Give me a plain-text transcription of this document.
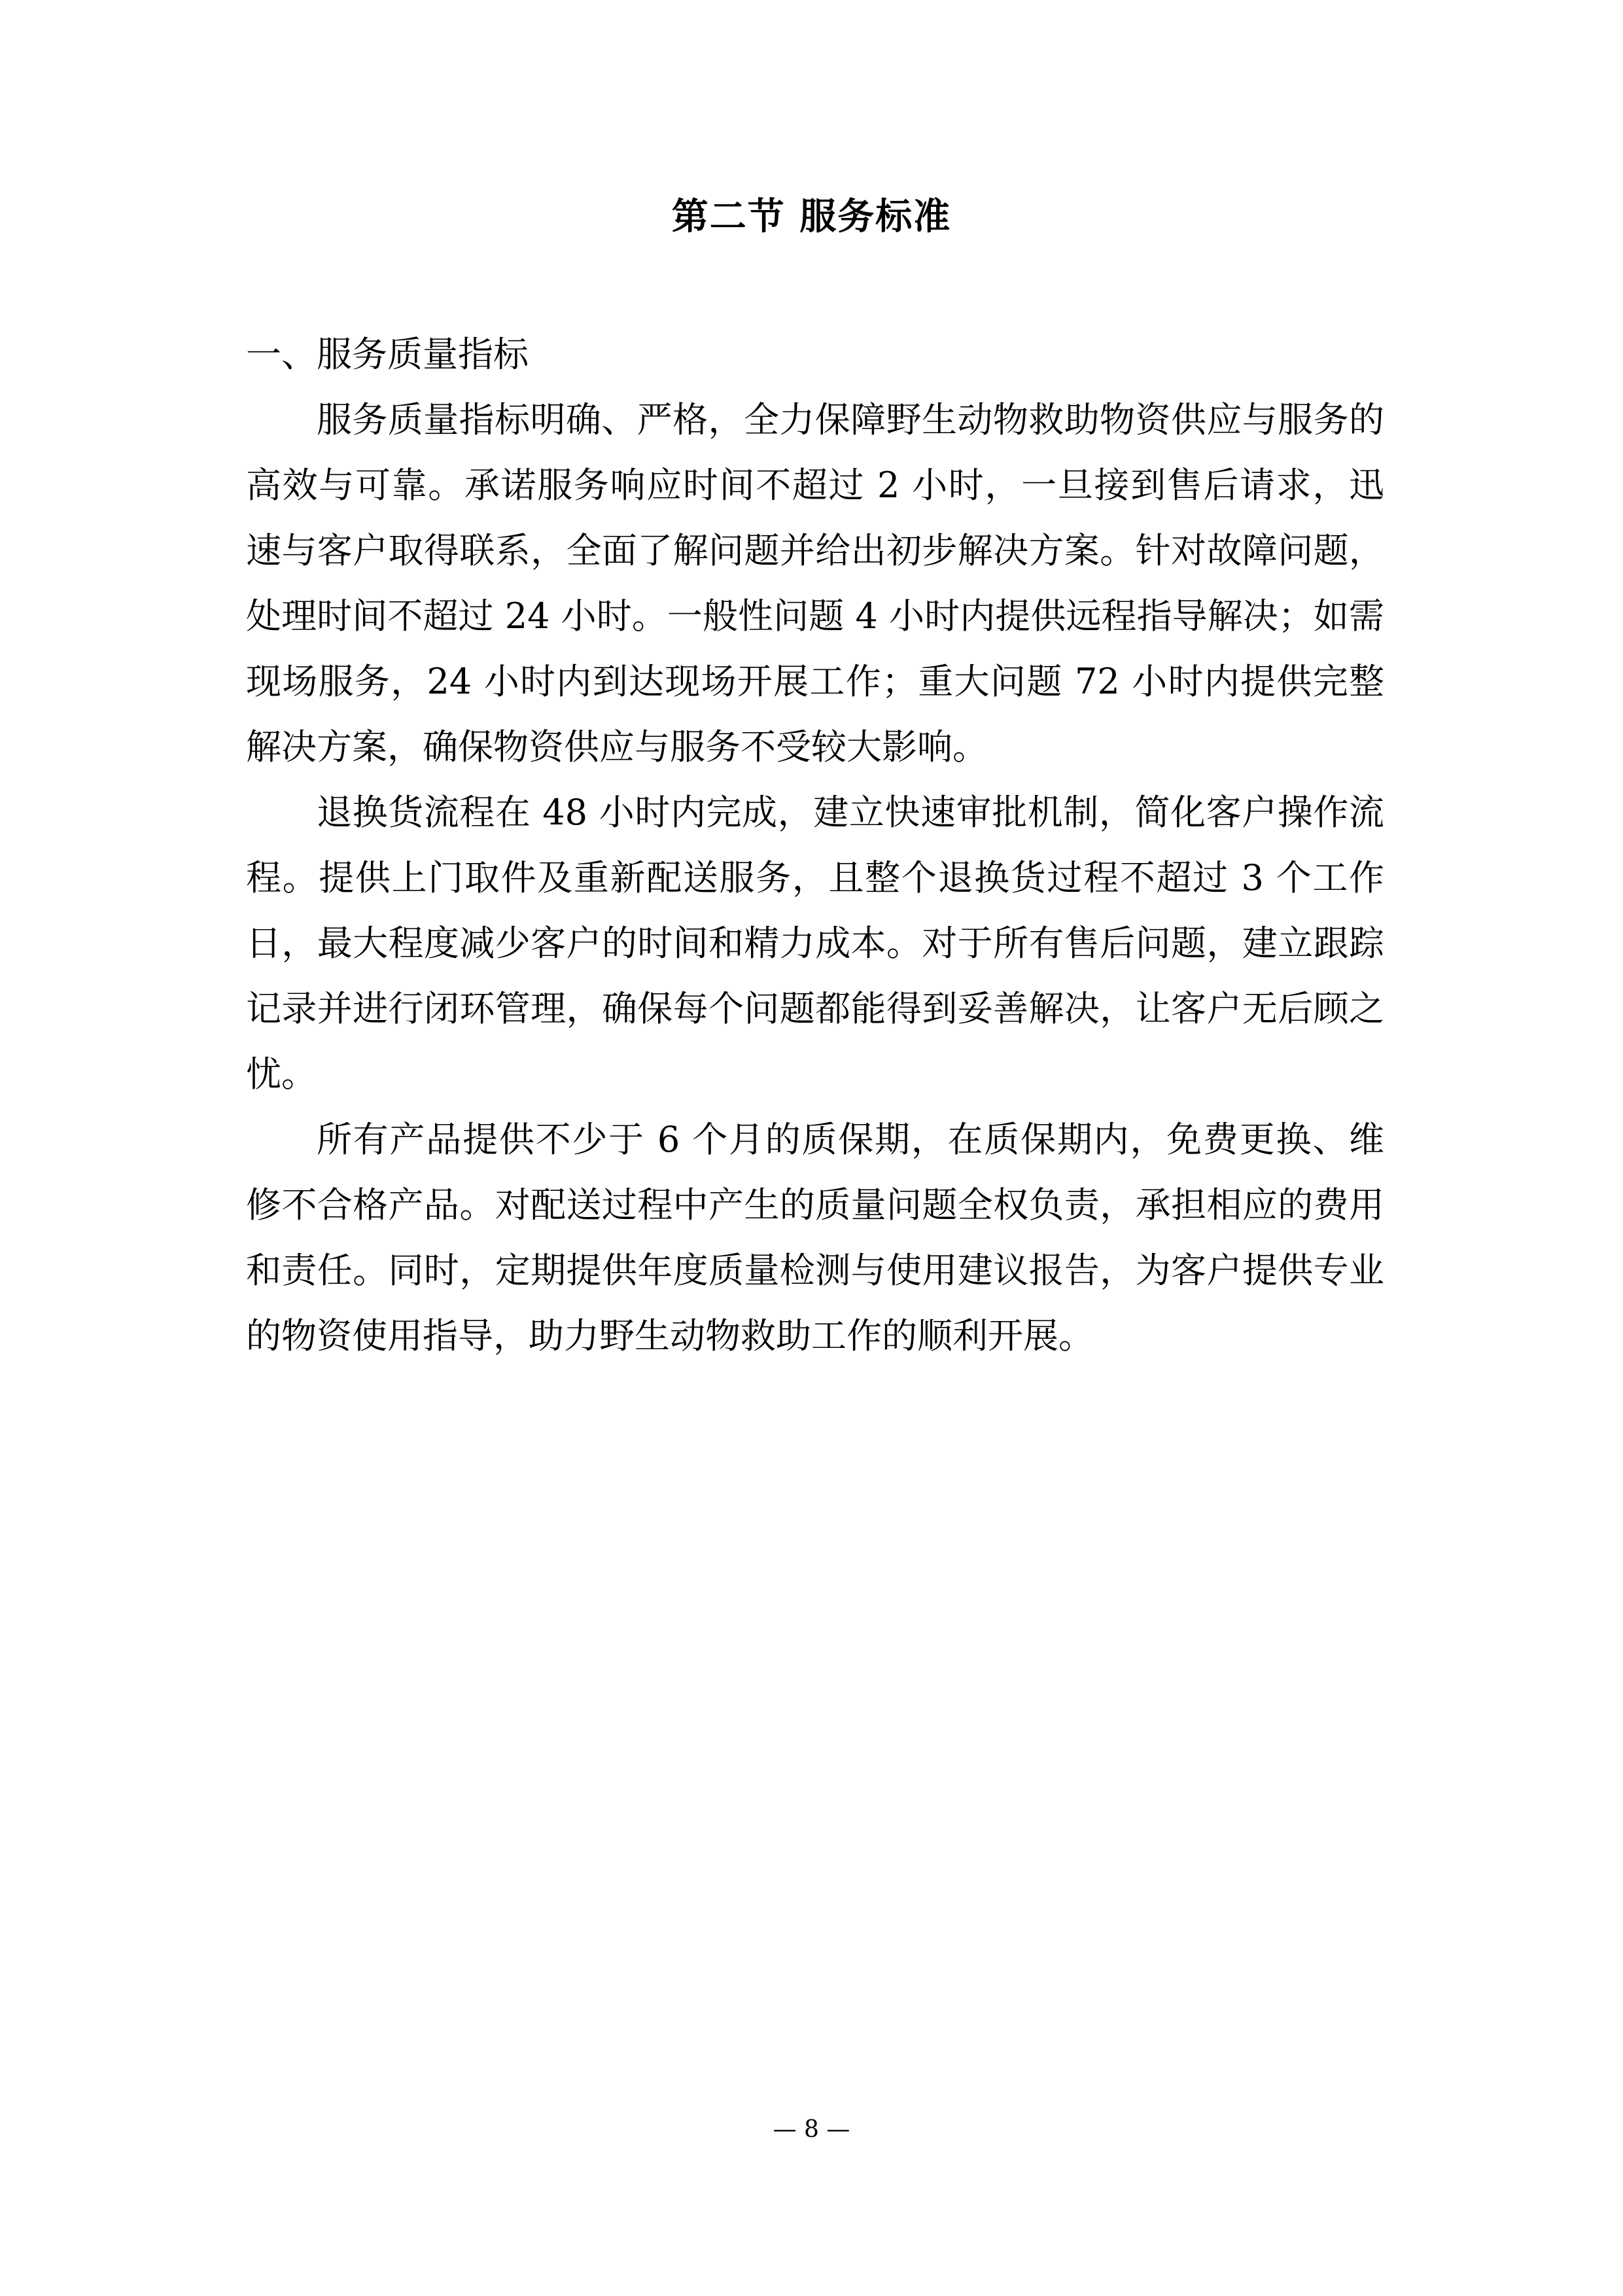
第二节 服务标准

一、服务质量指标

服务质量指标明确、严格，全力保障野生动物救助物资供应与服务的高效与可靠。承诺服务响应时间不超过 2 小时，一旦接到售后请求，迅速与客户取得联系，全面了解问题并给出初步解决方案。针对故障问题，处理时间不超过 24 小时。一般性问题 4 小时内提供远程指导解决；如需现场服务，24 小时内到达现场开展工作；重大问题 72 小时内提供完整解决方案，确保物资供应与服务不受较大影响。

退换货流程在 48 小时内完成，建立快速审批机制，简化客户操作流程。提供上门取件及重新配送服务，且整个退换货过程不超过 3 个工作日，最大程度减少客户的时间和精力成本。对于所有售后问题，建立跟踪记录并进行闭环管理，确保每个问题都能得到妥善解决，让客户无后顾之忧。

所有产品提供不少于 6 个月的质保期，在质保期内，免费更换、维修不合格产品。对配送过程中产生的质量问题全权负责，承担相应的费用和责任。同时，定期提供年度质量检测与使用建议报告，为客户提供专业的物资使用指导，助力野生动物救助工作的顺利开展。

— 8 —
